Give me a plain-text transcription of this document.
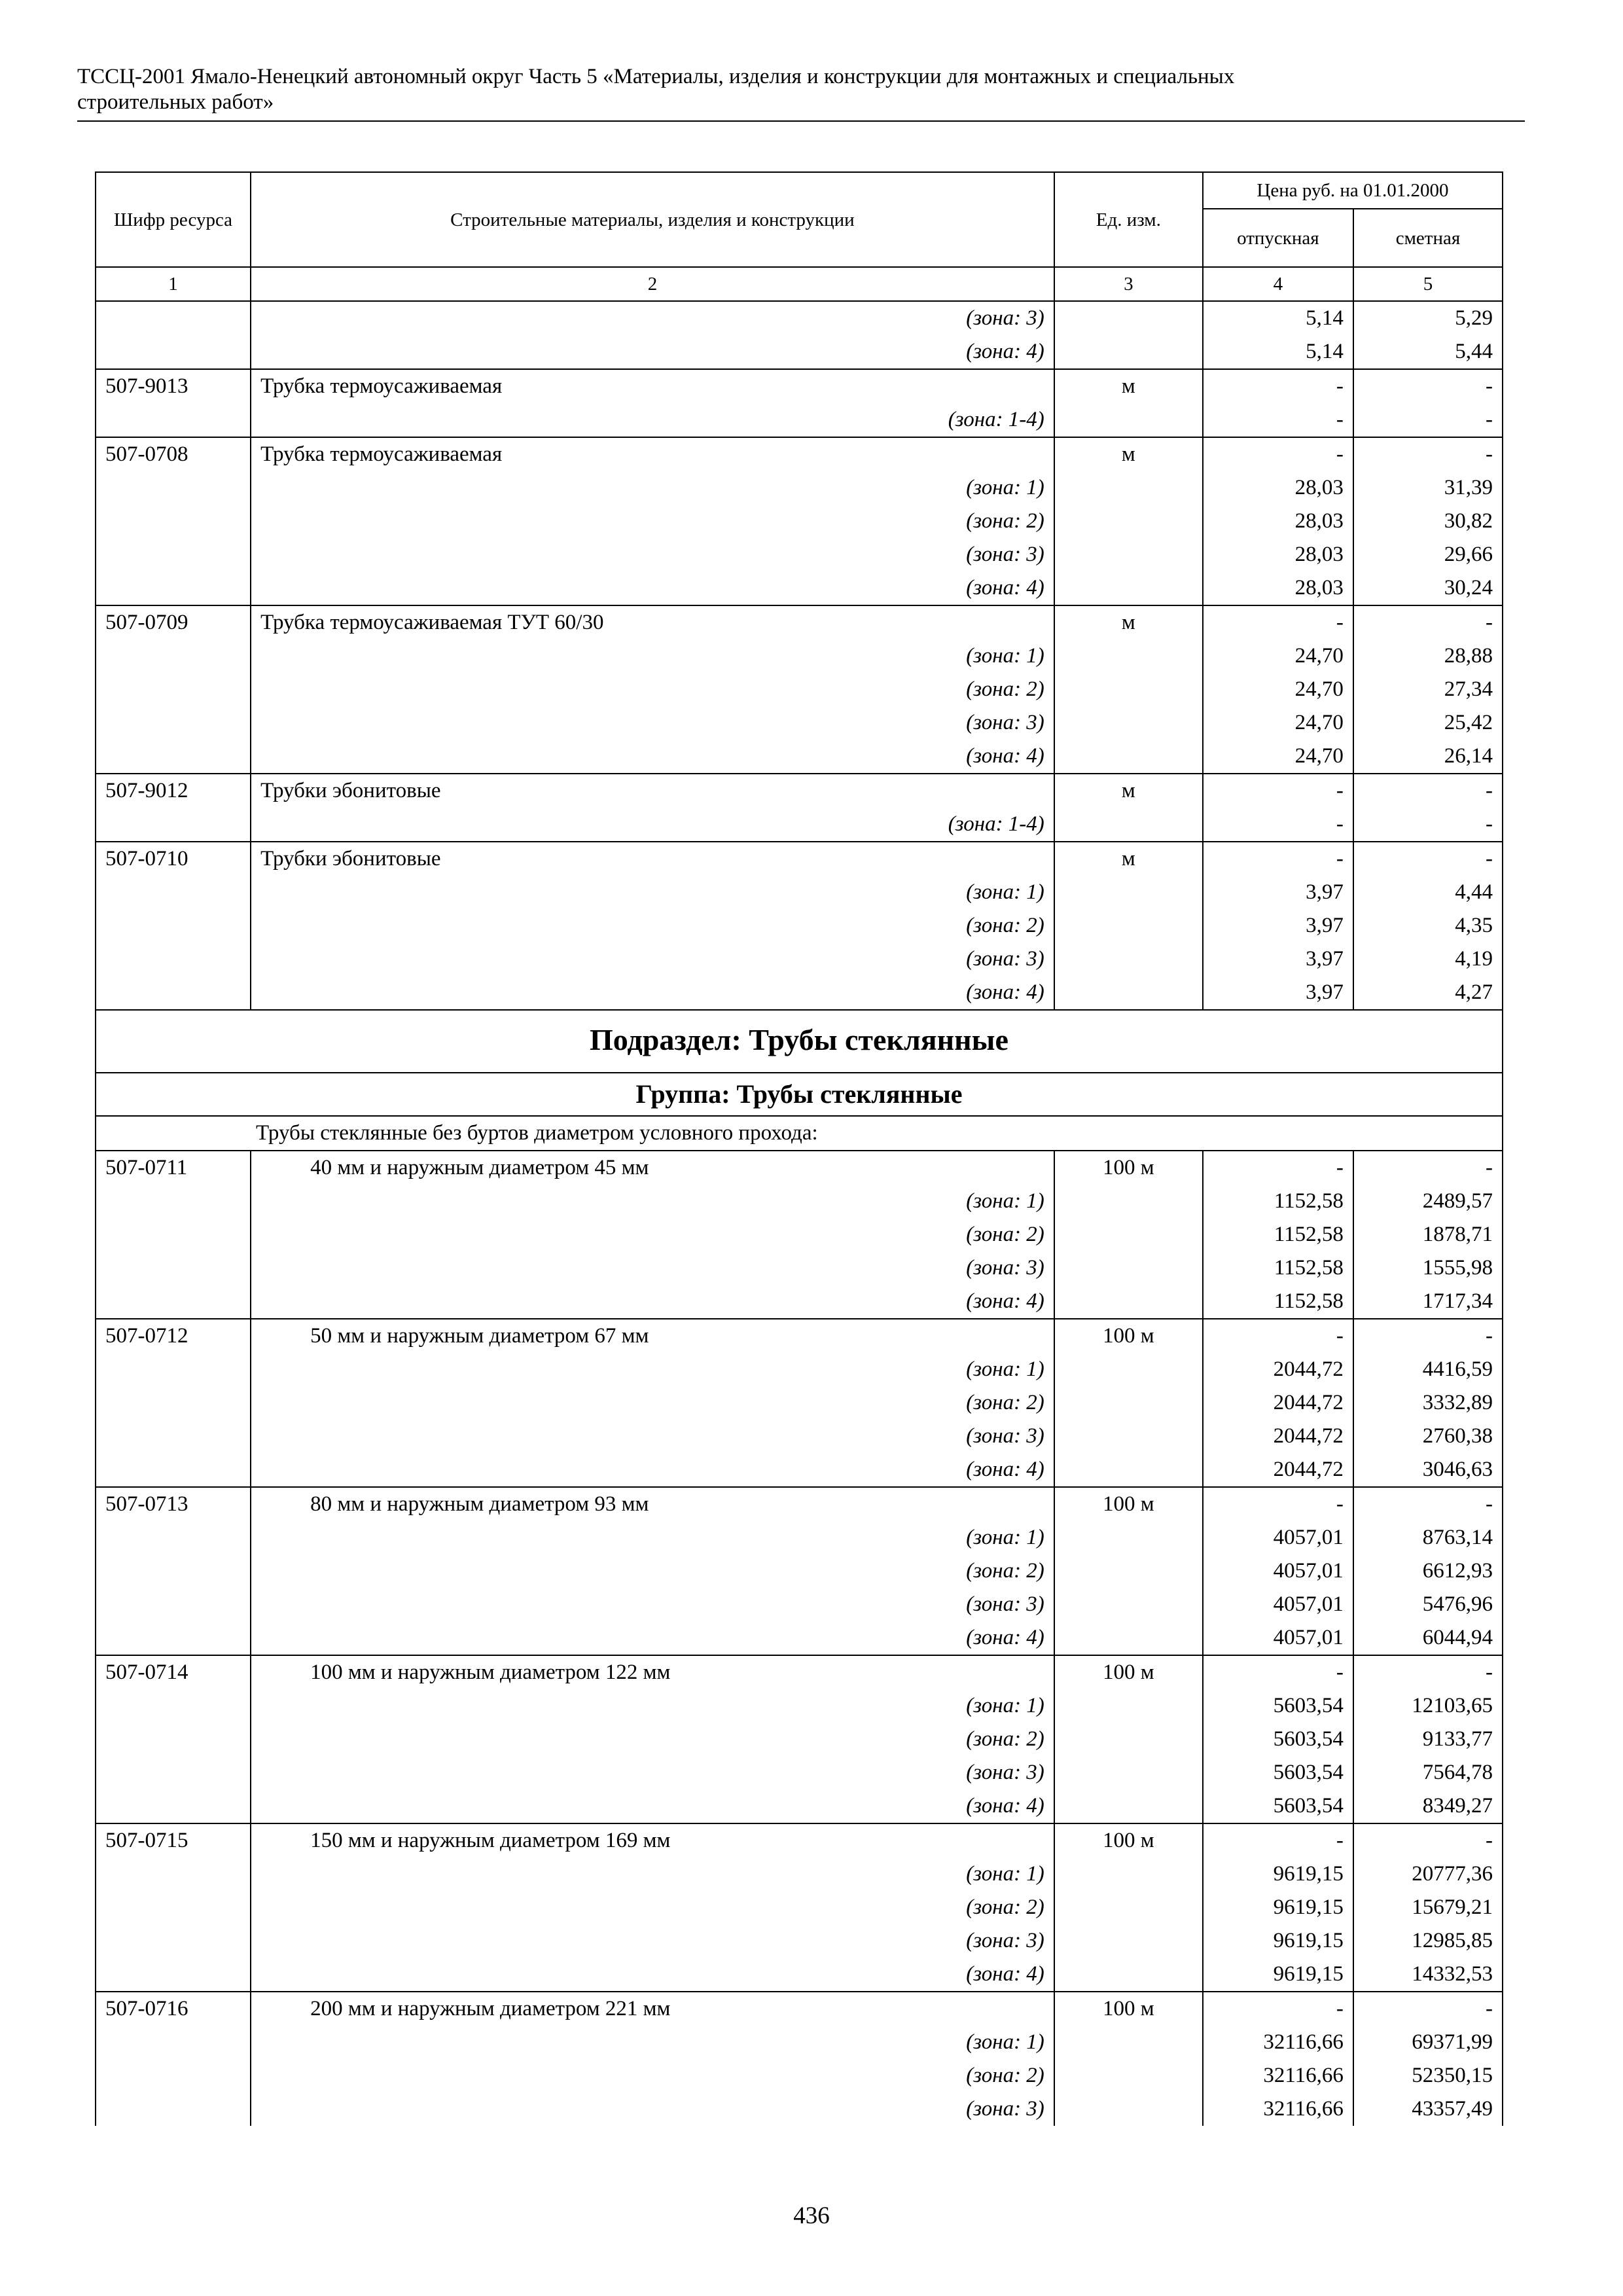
ТССЦ-2001 Ямало-Ненецкий автономный округ Часть 5 «Материалы, изделия и конструкции для монтажных и специальных
строительных работ»
Шифр ресурса	Строительные материалы, изделия и конструкции	Ед. изм.	Цена руб. на 01.01.2000	
			отпускная	сметная
1	2	3	4	5
	(зона: 3)		5,14	5,29
	(зона: 4)		5,14	5,44
507-9013	Трубка термоусаживаемая	м	-	-
	(зона: 1-4)		-	-
507-0708	Трубка термоусаживаемая	м	-	-
	(зона: 1)		28,03	31,39
	(зона: 2)		28,03	30,82
	(зона: 3)		28,03	29,66
	(зона: 4)		28,03	30,24
507-0709	Трубка термоусаживаемая ТУТ 60/30	м	-	-
	(зона: 1)		24,70	28,88
	(зона: 2)		24,70	27,34
	(зона: 3)		24,70	25,42
	(зона: 4)		24,70	26,14
507-9012	Трубки эбонитовые	м	-	-
	(зона: 1-4)		-	-
507-0710	Трубки эбонитовые	м	-	-
	(зона: 1)		3,97	4,44
	(зона: 2)		3,97	4,35
	(зона: 3)		3,97	4,19
	(зона: 4)		3,97	4,27
Подраздел: Трубы стеклянные				
Группа: Трубы стеклянные				
Трубы стеклянные без буртов диаметром условного прохода:				
507-0711	40 мм и наружным диаметром 45 мм	100 м	-	-
	(зона: 1)		1152,58	2489,57
	(зона: 2)		1152,58	1878,71
	(зона: 3)		1152,58	1555,98
	(зона: 4)		1152,58	1717,34
507-0712	50 мм и наружным диаметром 67 мм	100 м	-	-
	(зона: 1)		2044,72	4416,59
	(зона: 2)		2044,72	3332,89
	(зона: 3)		2044,72	2760,38
	(зона: 4)		2044,72	3046,63
507-0713	80 мм и наружным диаметром 93 мм	100 м	-	-
	(зона: 1)		4057,01	8763,14
	(зона: 2)		4057,01	6612,93
	(зона: 3)		4057,01	5476,96
	(зона: 4)		4057,01	6044,94
507-0714	100 мм и наружным диаметром 122 мм	100 м	-	-
	(зона: 1)		5603,54	12103,65
	(зона: 2)		5603,54	9133,77
	(зона: 3)		5603,54	7564,78
	(зона: 4)		5603,54	8349,27
507-0715	150 мм и наружным диаметром 169 мм	100 м	-	-
	(зона: 1)		9619,15	20777,36
	(зона: 2)		9619,15	15679,21
	(зона: 3)		9619,15	12985,85
	(зона: 4)		9619,15	14332,53
507-0716	200 мм и наружным диаметром 221 мм	100 м	-	-
	(зона: 1)		32116,66	69371,99
	(зона: 2)		32116,66	52350,15
	(зона: 3)		32116,66	43357,49
436
